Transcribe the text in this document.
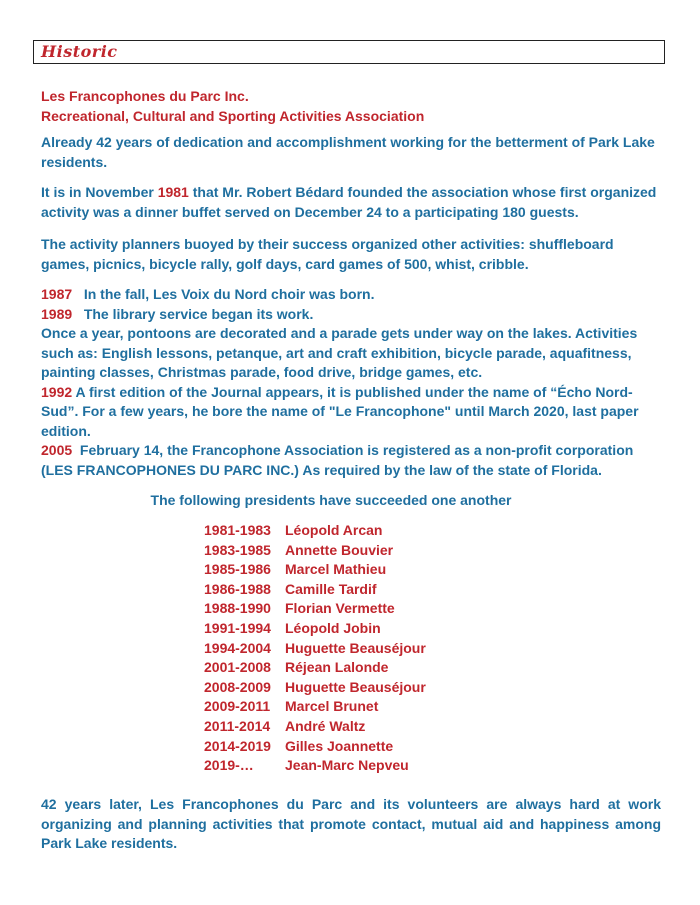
Historic

Les Francophones du Parc Inc.

Recreational, Cultural and Sporting Activities Association

Already 42 years of dedication and accomplishment working for the betterment of Park Lake residents.

It is in November 1981 that Mr. Robert Bédard founded the association whose first organized activity was a dinner buffet served on December 24 to a participating 180 guests.

The activity planners buoyed by their success organized other activities: shuffleboard games, picnics, bicycle rally, golf days, card games of 500, whist, cribble.

1987   In the fall, Les Voix du Nord choir was born.

1989   The library service began its work.

Once a year, pontoons are decorated and a parade gets under way on the lakes. Activities such as: English lessons, petanque, art and craft exhibition, bicycle parade, aquafitness, painting classes, Christmas parade, food drive, bridge games, etc.

1992 A first edition of the Journal appears, it is published under the name of “Écho Nord-Sud”. For a few years, he bore the name of "Le Francophone" until March 2020, last paper edition.

2005  February 14, the Francophone Association is registered as a non-profit corporation (LES FRANCOPHONES DU PARC INC.) As required by the law of the state of Florida.

The following presidents have succeeded one another

1981-1983	Léopold Arcan
1983-1985	Annette Bouvier
1985-1986	Marcel Mathieu
1986-1988	Camille Tardif
1988-1990	Florian Vermette
1991-1994	Léopold Jobin
1994-2004	Huguette Beauséjour
2001-2008	Réjean Lalonde
2008-2009	Huguette Beauséjour
2009-2011	Marcel Brunet
2011-2014	André Waltz
2014-2019	Gilles Joannette
2019-…	Jean-Marc Nepveu

42 years later, Les Francophones du Parc and its volunteers are always hard at work organizing and planning activities that promote contact, mutual aid and happiness among Park Lake residents.
